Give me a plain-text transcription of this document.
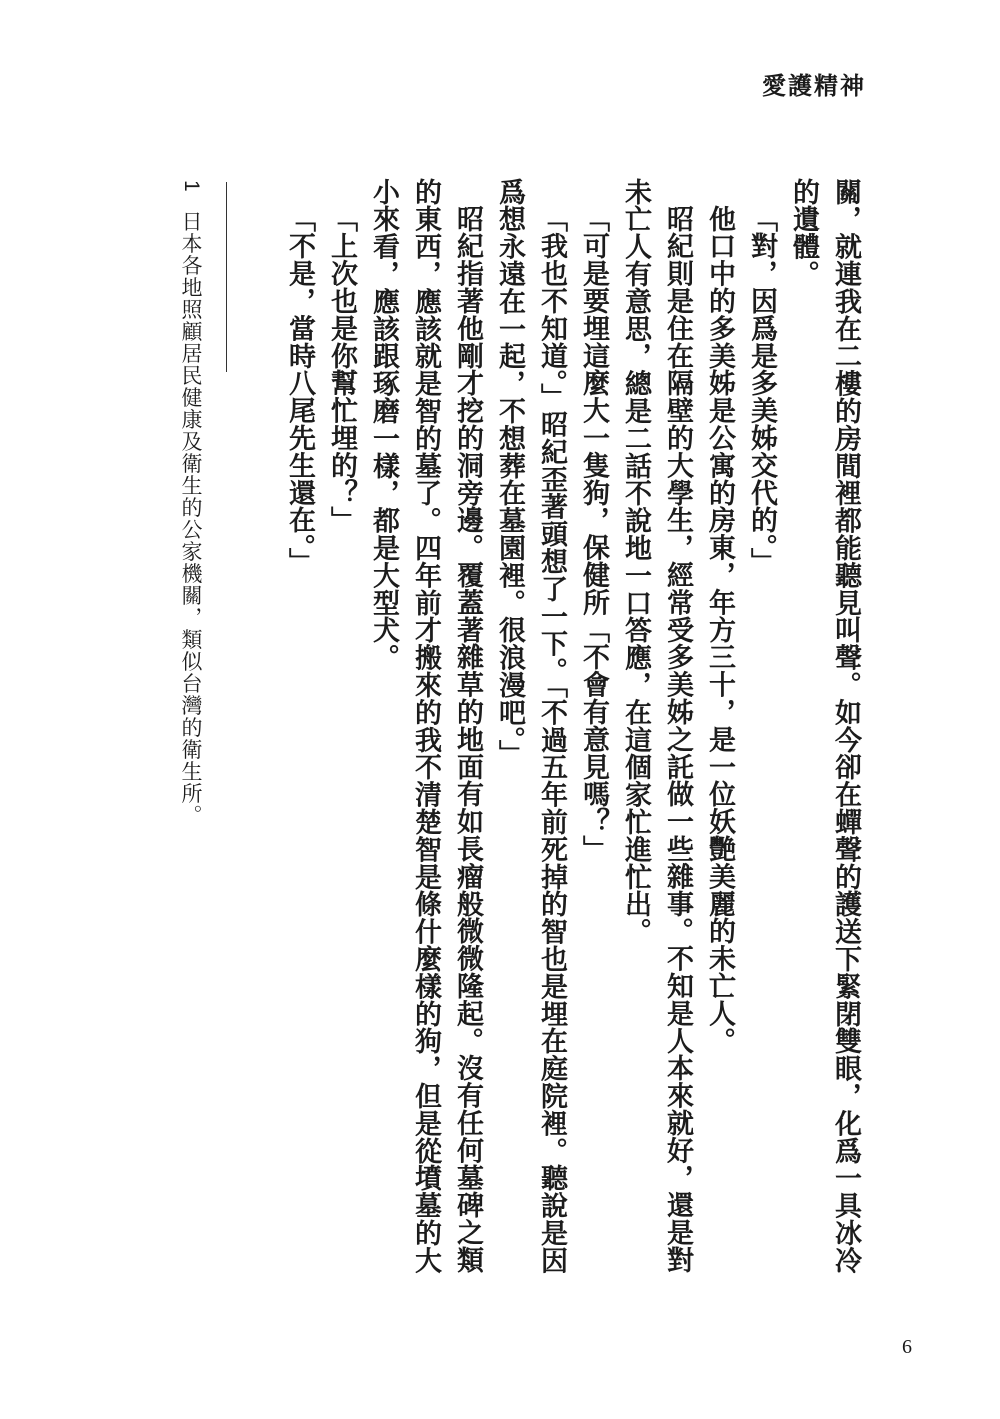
愛護精神

關，就連我在二樓的房間裡都能聽見叫聲。如今卻在蟬聲的護送下緊閉雙眼，化爲一具冰冷的遺體。

「對，因爲是多美姊交代的。」

他口中的多美姊是公寓的房東，年方三十，是一位妖艷美麗的未亡人。

昭紀則是住在隔壁的大學生，經常受多美姊之託做一些雜事。不知是人本來就好，還是對未亡人有意思，總是二話不說地一口答應，在這個家忙進忙出。

「可是要埋這麼大一隻狗，保健所「不會有意見嗎？」

「我也不知道。」昭紀歪著頭想了一下。「不過五年前死掉的智也是埋在庭院裡。聽說是因爲想永遠在一起，不想葬在墓園裡。很浪漫吧。」

昭紀指著他剛才挖的洞旁邊。覆蓋著雜草的地面有如長瘤般微微隆起。沒有任何墓碑之類的東西，應該就是智的墓了。四年前才搬來的我不清楚智是條什麼樣的狗，但是從墳墓的大小來看，應該跟琢磨一樣，都是大型犬。

「上次也是你幫忙埋的？」

「不是，當時八尾先生還在。」

1 日本各地照顧居民健康及衛生的公家機關，類似台灣的衛生所。
6
